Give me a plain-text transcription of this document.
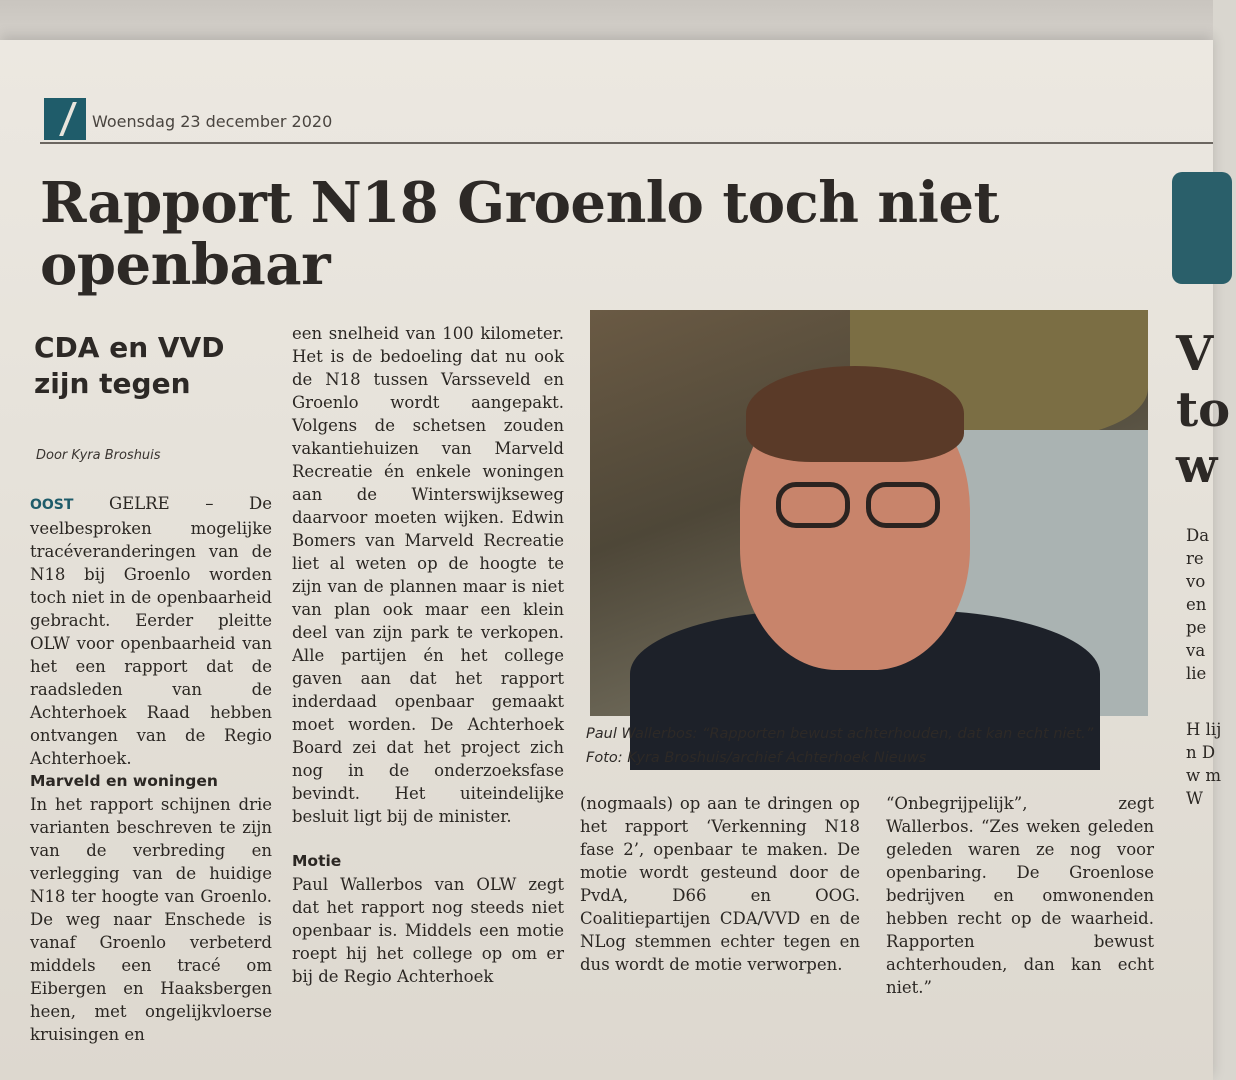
Woensdag 23 december 2020
Rapport N18 Groenlo toch niet openbaar
CDA en VVD zijn tegen
Door Kyra Broshuis

OOST GELRE – De veelbesproken mogelijke tracéveranderingen van de N18 bij Groenlo worden toch niet in de openbaarheid gebracht. Eerder pleitte OLW voor openbaarheid van het een rapport dat de raadsleden van de Achterhoek Raad hebben ontvangen van de Regio Achterhoek.

Marveld en woningen

In het rapport schijnen drie varianten beschreven te zijn van de verbreding en verlegging van de huidige N18 ter hoogte van Groenlo. De weg naar Enschede is vanaf Groenlo verbeterd middels een tracé om Eibergen en Haaksbergen heen, met ongelijkvloerse kruisingen en

een snelheid van 100 kilometer. Het is de bedoeling dat nu ook de N18 tussen Varsseveld en Groenlo wordt aangepakt. Volgens de schetsen zouden vakantiehuizen van Marveld Recreatie én enkele woningen aan de Winterswijkseweg daarvoor moeten wijken. Edwin Bomers van Marveld Recreatie liet al weten op de hoogte te zijn van de plannen maar is niet van plan ook maar een klein deel van zijn park te verkopen. Alle partijen én het college gaven aan dat het rapport inderdaad openbaar gemaakt moet worden. De Achterhoek Board zei dat het project zich nog in de onderzoeksfase bevindt. Het uiteindelijke besluit ligt bij de minister.

Motie

Paul Wallerbos van OLW zegt dat het rapport nog steeds niet openbaar is. Middels een motie roept hij het college op om er bij de Regio Achterhoek

Paul Wallerbos: “Rapporten bewust achterhouden, dat kan echt niet.”
Foto: Kyra Broshuis/archief Achterhoek Nieuws

(nogmaals) op aan te dringen op het rapport ‘Verkenning N18 fase 2’, openbaar te maken. De motie wordt gesteund door de PvdA, D66 en OOG. Coalitiepartijen CDA/VVD en de NLog stemmen echter tegen en dus wordt de motie verworpen.

“Onbegrijpelijk”, zegt Wallerbos. “Zes weken geleden geleden waren ze nog voor openbaring. De Groenlose bedrijven en omwonenden hebben recht op de waarheid. Rapporten bewust achterhouden, dan kan echt niet.”

V to w
Da re vo en pe va lie
H lij n D w m W
